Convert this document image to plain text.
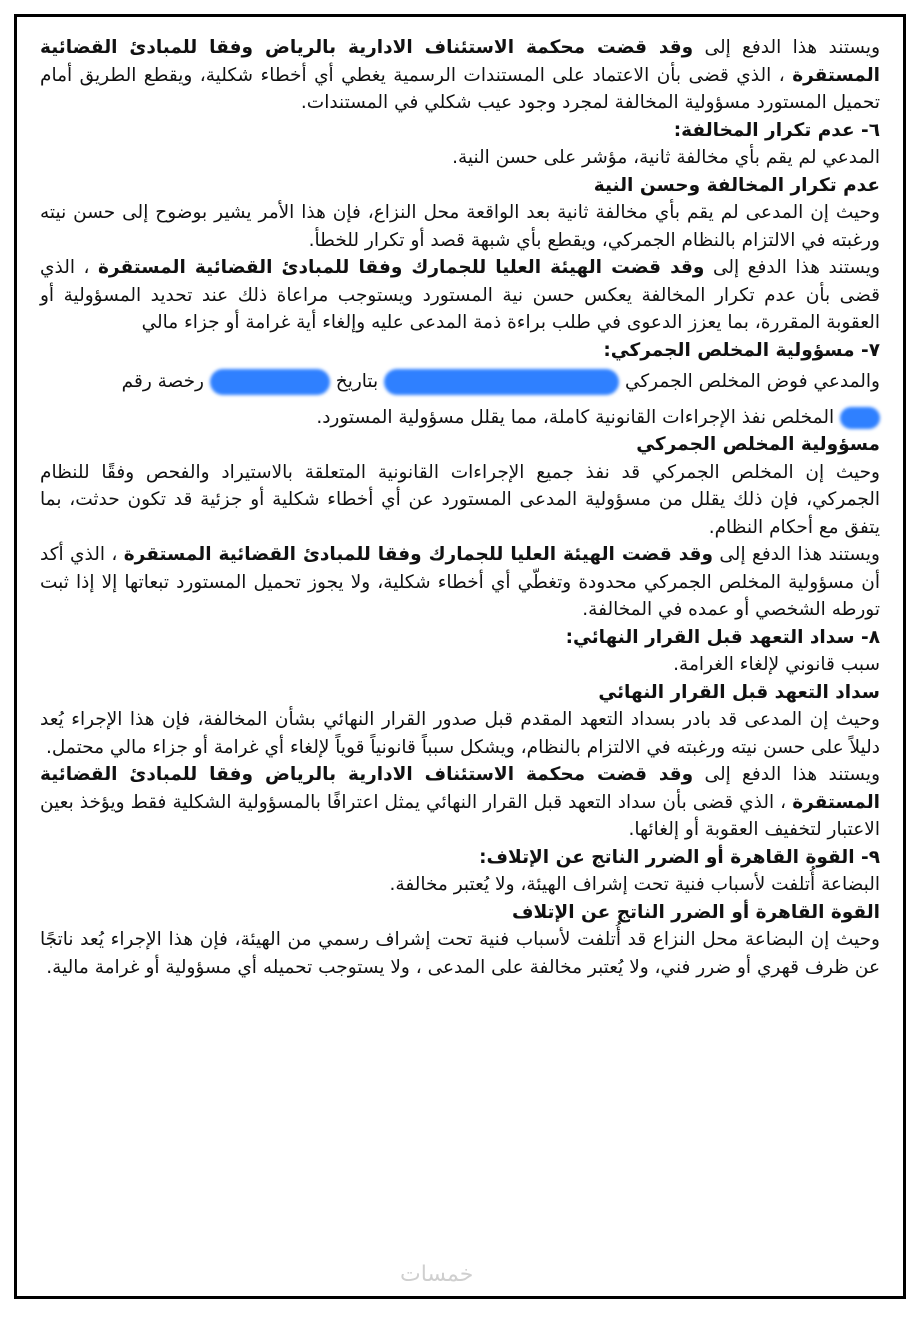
ويستند هذا الدفع إلى وقد قضت محكمة الاستئناف الادارية بالرياض وفقا للمبادئ القضائية المستقرة ، الذي قضى بأن الاعتماد على المستندات الرسمية يغطي أي أخطاء شكلية، ويقطع الطريق أمام تحميل المستورد مسؤولية المخالفة لمجرد وجود عيب شكلي في المستندات.

٦- عدم تكرار المخالفة:

المدعي لم يقم بأي مخالفة ثانية، مؤشر على حسن النية.

عدم تكرار المخالفة وحسن النية

وحيث إن المدعى لم يقم بأي مخالفة ثانية بعد الواقعة محل النزاع، فإن هذا الأمر يشير بوضوح إلى حسن نيته ورغبته في الالتزام بالنظام الجمركي، ويقطع بأي شبهة قصد أو تكرار للخطأ.

ويستند هذا الدفع إلى وقد قضت الهيئة العليا للجمارك وفقا للمبادئ القضائية المستقرة ، الذي قضى بأن عدم تكرار المخالفة يعكس حسن نية المستورد ويستوجب مراعاة ذلك عند تحديد المسؤولية أو العقوبة المقررة، بما يعزز الدعوى في طلب براءة ذمة المدعى عليه وإلغاء أية غرامة أو جزاء مالي

٧- مسؤولية المخلص الجمركي:

والمدعي فوض المخلص الجمركي  بتاريخ  رخصة رقم

المخلص نفذ الإجراءات القانونية كاملة، مما يقلل مسؤولية المستورد.

مسؤولية المخلص الجمركي

وحيث إن المخلص الجمركي قد نفذ جميع الإجراءات القانونية المتعلقة بالاستيراد والفحص وفقًا للنظام الجمركي، فإن ذلك يقلل من مسؤولية المدعى المستورد عن أي أخطاء شكلية أو جزئية قد تكون حدثت، بما يتفق مع أحكام النظام.

ويستند هذا الدفع إلى وقد قضت الهيئة العليا للجمارك وفقا للمبادئ القضائية المستقرة ، الذي أكد أن مسؤولية المخلص الجمركي محدودة وتغطّي أي أخطاء شكلية، ولا يجوز تحميل المستورد تبعاتها إلا إذا ثبت تورطه الشخصي أو عمده في المخالفة.

٨- سداد التعهد قبل القرار النهائي:

سبب قانوني لإلغاء الغرامة.

سداد التعهد قبل القرار النهائي

وحيث إن المدعى قد بادر بسداد التعهد المقدم قبل صدور القرار النهائي بشأن المخالفة، فإن هذا الإجراء يُعد دليلاً على حسن نيته ورغبته في الالتزام بالنظام، ويشكل سبباً قانونياً قوياً لإلغاء أي غرامة أو جزاء مالي محتمل.

ويستند هذا الدفع إلى وقد قضت محكمة الاستئناف الادارية بالرياض وفقا للمبادئ القضائية المستقرة ، الذي قضى بأن سداد التعهد قبل القرار النهائي يمثل اعترافًا بالمسؤولية الشكلية فقط ويؤخذ بعين الاعتبار لتخفيف العقوبة أو إلغائها.

٩- القوة القاهرة أو الضرر الناتج عن الإتلاف:

البضاعة أُتلفت لأسباب فنية تحت إشراف الهيئة، ولا يُعتبر مخالفة.

القوة القاهرة أو الضرر الناتج عن الإتلاف

وحيث إن البضاعة محل النزاع قد أُتلفت لأسباب فنية تحت إشراف رسمي من الهيئة، فإن هذا الإجراء يُعد ناتجًا عن ظرف قهري أو ضرر فني، ولا يُعتبر مخالفة على المدعى ، ولا يستوجب تحميله أي مسؤولية أو غرامة مالية.

خمسات
